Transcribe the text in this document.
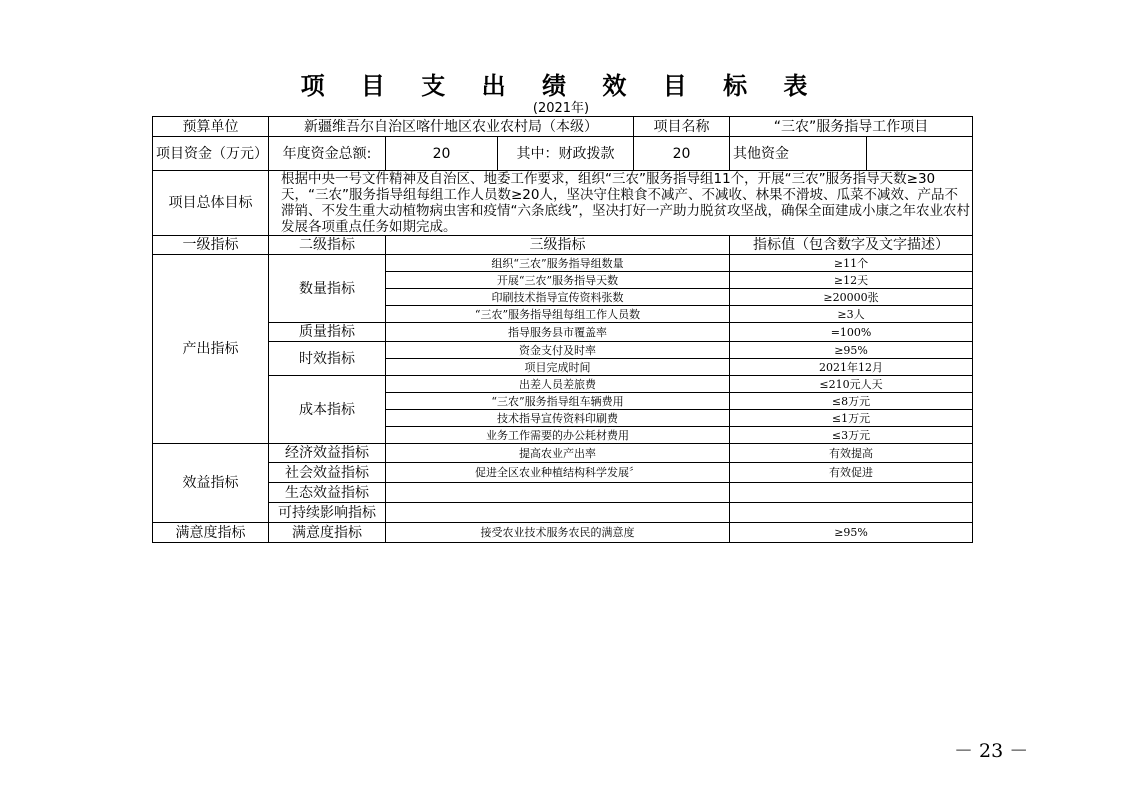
项 目 支 出 绩 效 目 标 表
(2021年)
预算单位	新疆维吾尔自治区喀什地区农业农村局（本级）			项目名称	“三农”服务指导工作项目	
项目资金（万元）	年度资金总额:	20	其中：财政拨款	20	其他资金	
项目总体目标	根据中央一号文件精神及自治区、地委工作要求，组织“三农”服务指导组11个，开展“三农”服务指导天数≥30天，“三农”服务指导组每组工作人员数≥20人，坚决守住粮食不减产、不减收、林果不滑坡、瓜菜不减效、产品不滞销、不发生重大动植物病虫害和疫情“六条底线”，坚决打好一产助力脱贫攻坚战，确保全面建成小康之年农业农村发展各项重点任务如期完成。					
一级指标	二级指标	三级指标			指标值（包含数字及文字描述）	
产出指标	数量指标	组织“三农”服务指导组数量			≥11个	
		开展“三农”服务指导天数			≥12天	
		印刷技术指导宣传资料张数			≥20000张	
		“三农”服务指导组每组工作人员数			≥3人	
	质量指标	指导服务县市覆盖率			=100%	
	时效指标	资金支付及时率			≥95%	
		项目完成时间			2021年12月	
	成本指标	出差人员差旅费			≤210元人天	
		“三农”服务指导组车辆费用			≤8万元	
		技术指导宣传资料印刷费			≤1万元	
		业务工作需要的办公耗材费用			≤3万元	
效益指标	经济效益指标	提高农业产出率			有效提高	
	社会效益指标	促进全区农业种植结构科学发展〞			有效促进	
	生态效益指标					
	可持续影响指标					
满意度指标	满意度指标	接受农业技术服务农民的满意度			≥95%	
－ 23 －
